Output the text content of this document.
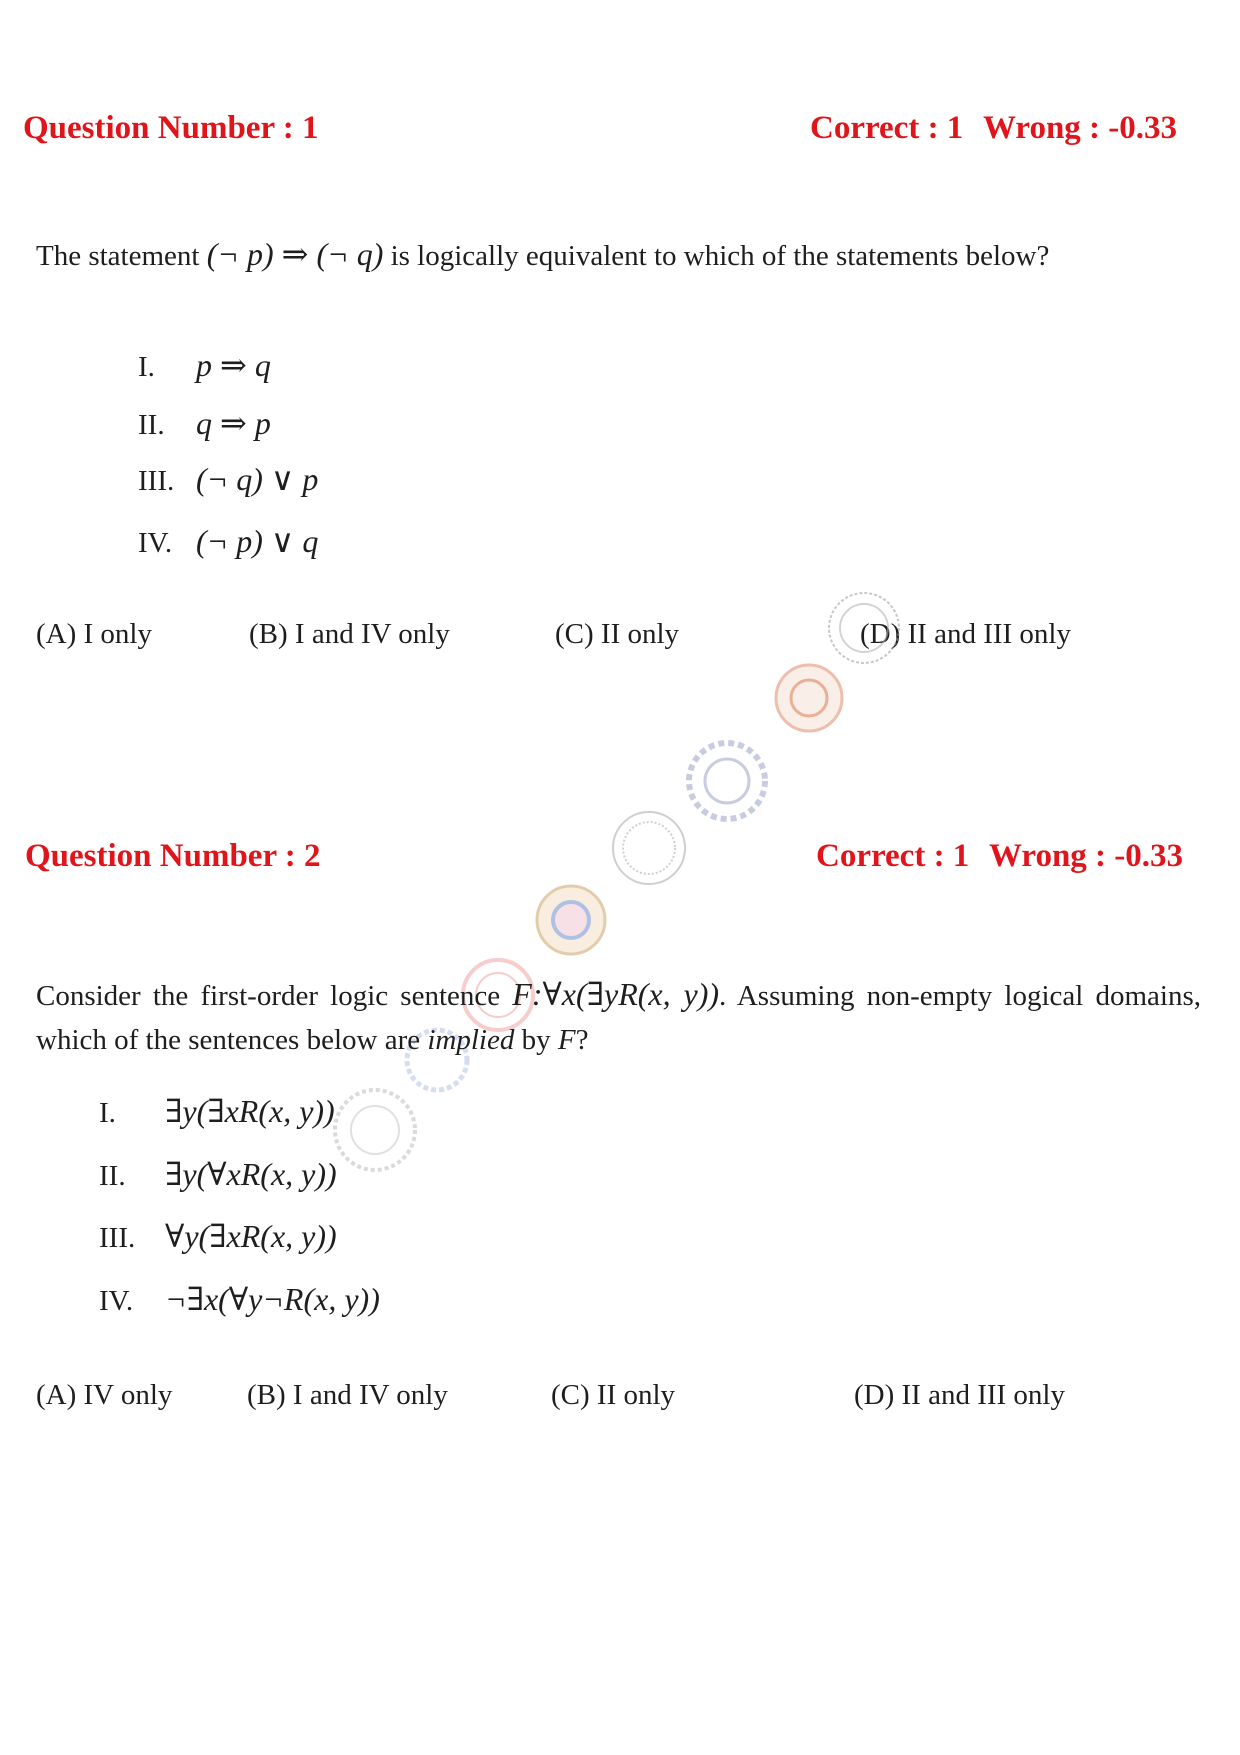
Question Number : 1	Correct : 1 Wrong : -0.33
The statement (¬ p) ⇒ (¬ q) is logically equivalent to which of the statements below?
I. p ⇒ q
II. q ⇒ p
III. (¬ q) ∨ p
IV. (¬ p) ∨ q
(A) I only	(B) I and IV only	(C) II only	(D) II and III only
Question Number : 2	Correct : 1 Wrong : -0.33
Consider the first-order logic sentence F:∀x(∃yR(x, y)). Assuming non-empty logical domains, which of the sentences below are implied by F?
I. ∃y(∃xR(x, y))
II. ∃y(∀xR(x, y))
III. ∀y(∃xR(x, y))
IV. ¬∃x(∀y¬R(x, y))
(A) IV only	(B) I and IV only	(C) II only	(D) II and III only
